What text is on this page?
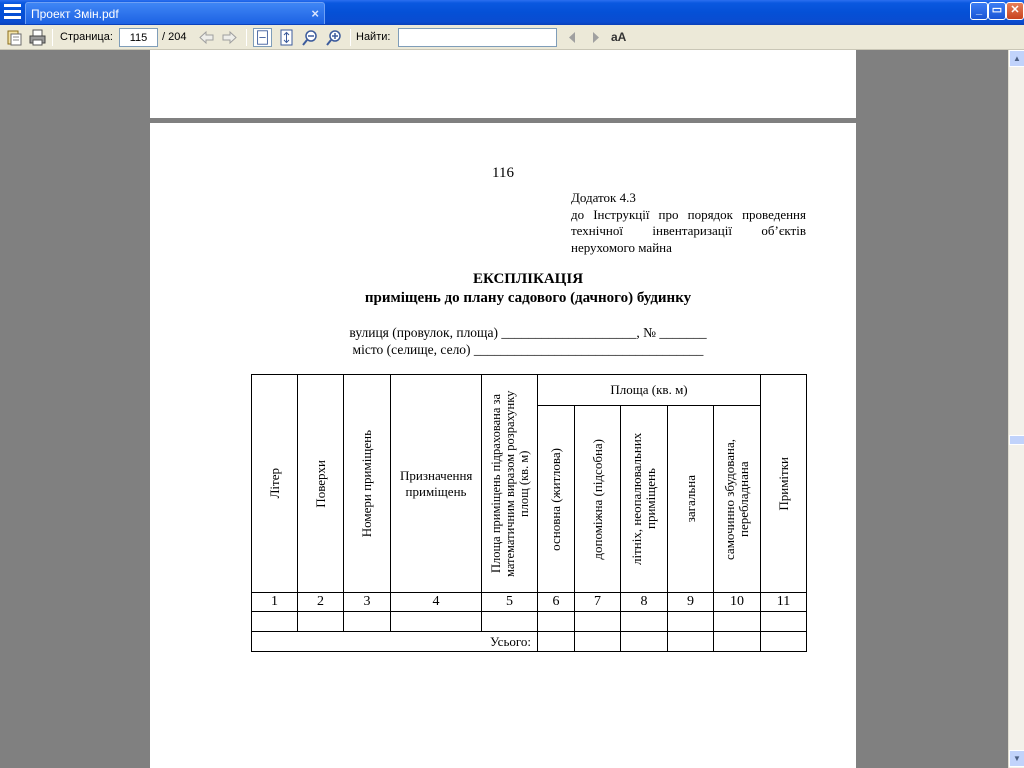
Проект Змін.pdf	×	_ ▭ ✕
Страница:
115	/ 204	Найти:	aA
116
Додаток 4.3
до Інструкції про порядок проведення
технічної інвентаризації об’єктів
нерухомого майна
ЕКСПЛІКАЦІЯ
приміщень до плану садового (дачного) будинку
вулиця (провулок, площа) ____________________, № _______
місто (селище, село) __________________________________
Літер	Поверхи	Номери приміщень	Призначення приміщень	Площа приміщень підрахована за математичним виразом розрахунку площ (кв. м)	Площа (кв. м)					Примітки

					основна (житлова)	допоміжна (підсобна)	літніх, неопалювальних приміщень	загальна	самочинно збудована, перебладнана	

1	2	3	4	5	6	7	8	9	10	11

Усього:										
▲
▼
